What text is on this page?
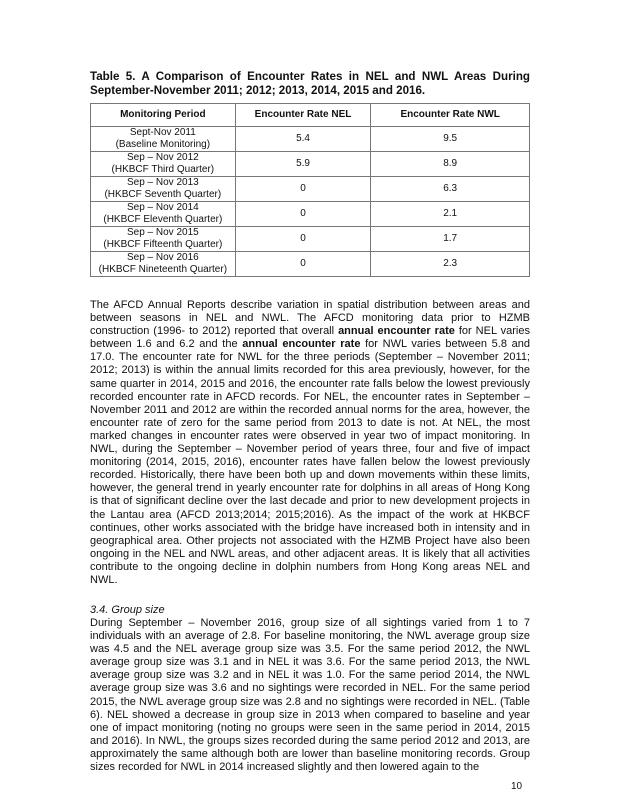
Table 5. A Comparison of Encounter Rates in NEL and NWL Areas During September-November 2011; 2012; 2013, 2014, 2015 and 2016.
Monitoring Period	Encounter Rate NEL	Encounter Rate NWL
Sept-Nov 2011
(Baseline Monitoring)	5.4	9.5
Sep – Nov 2012
(HKBCF Third Quarter)	5.9	8.9
Sep – Nov 2013
(HKBCF Seventh Quarter)	0	6.3
Sep – Nov 2014
(HKBCF Eleventh Quarter)	0	2.1
Sep – Nov 2015
(HKBCF Fifteenth Quarter)	0	1.7
Sep – Nov 2016
(HKBCF Nineteenth Quarter)	0	2.3

The AFCD Annual Reports describe variation in spatial distribution between areas and between seasons in NEL and NWL. The AFCD monitoring data prior to HZMB construction (1996- to 2012) reported that overall annual encounter rate for NEL varies between 1.6 and 6.2 and the annual encounter rate for NWL varies between 5.8 and 17.0. The encounter rate for NWL for the three periods (September – November 2011; 2012; 2013) is within the annual limits recorded for this area previously, however, for the same quarter in 2014, 2015 and 2016, the encounter rate falls below the lowest previously recorded encounter rate in AFCD records. For NEL, the encounter rates in September – November 2011 and 2012 are within the recorded annual norms for the area, however, the encounter rate of zero for the same period from 2013 to date is not. At NEL, the most marked changes in encounter rates were observed in year two of impact monitoring. In NWL, during the September – November period of years three, four and five of impact monitoring (2014, 2015, 2016), encounter rates have fallen below the lowest previously recorded. Historically, there have been both up and down movements within these limits, however, the general trend in yearly encounter rate for dolphins in all areas of Hong Kong is that of significant decline over the last decade and prior to new development projects in the Lantau area (AFCD 2013;2014; 2015;2016). As the impact of the work at HKBCF continues, other works associated with the bridge have increased both in intensity and in geographical area. Other projects not associated with the HZMB Project have also been ongoing in the NEL and NWL areas, and other adjacent areas. It is likely that all activities contribute to the ongoing decline in dolphin numbers from Hong Kong areas NEL and NWL.

3.4. Group size

During September – November 2016, group size of all sightings varied from 1 to 7 individuals with an average of 2.8. For baseline monitoring, the NWL average group size was 4.5 and the NEL average group size was 3.5. For the same period 2012, the NWL average group size was 3.1 and in NEL it was 3.6. For the same period 2013, the NWL average group size was 3.2 and in NEL it was 1.0. For the same period 2014, the NWL average group size was 3.6 and no sightings were recorded in NEL. For the same period 2015, the NWL average group size was 2.8 and no sightings were recorded in NEL. (Table 6). NEL showed a decrease in group size in 2013 when compared to baseline and year one of impact monitoring (noting no groups were seen in the same period in 2014, 2015 and 2016). In NWL, the groups sizes recorded during the same period 2012 and 2013, are approximately the same although both are lower than baseline monitoring records. Group sizes recorded for NWL in 2014 increased slightly and then lowered again to the

10
